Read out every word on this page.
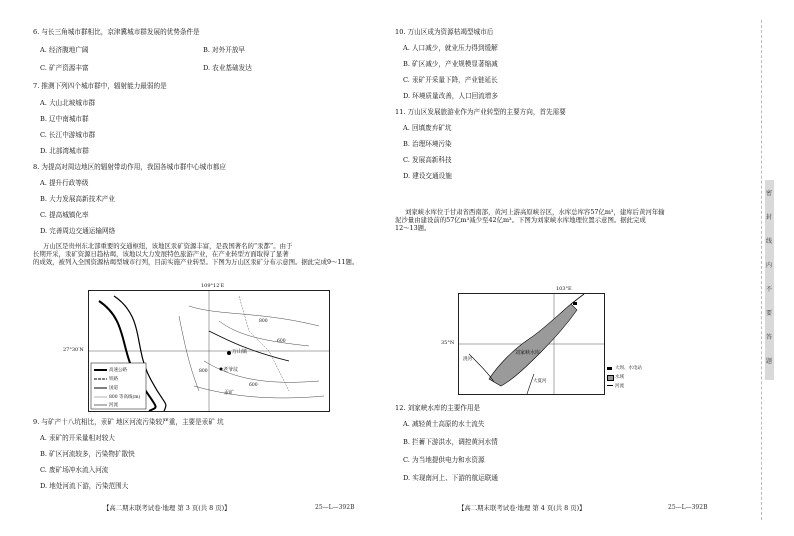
6. 与长三角城市群相比，京津冀城市群发展的优势条件是
A. 经济腹地广阔	B. 对外开放早
C. 矿产资源丰富	D. 农业基础发达
7. 推测下列四个城市群中，辐射能力最弱的是
A. 大山北坡城市群
B. 辽中南城市群
C. 长江中游城市群
D. 北部湾城市群
8. 为提高对周边地区的辐射带动作用，我国各城市群中心城市都应
A. 提升行政等级
B. 大力发展高新技术产业
C. 提高城镇化率
D. 完善周边交通运输网络
万山区是贵州东北部重要的交通枢纽，该地区汞矿资源丰富，是我国著名的“汞都”。由于
长期开采，汞矿资源日趋枯竭，该地以大力发展特色旅游产业，在产业转型方面取得了显著
的成效，被列入全国资源枯竭型城市行列，目前实施产业转型。下图为万山区汞矿分布示意图。据此完成9～11题。
109°12′E
27°30′N	万山镇
老爷坟
汞矿
800
600
800
600
高速公路
铁路
国道
800 等高线(m)
河流
9. 与矿产十八坑相比，汞矿 地区河流污染较严重，主要是汞矿 坑
A. 汞矿的开采量相对较大
B. 矿区河流较多，污染物扩散快
C. 废矿场冲水流入河流
D. 地处河流下游，污染范围大
【高二期末联考试卷·地理 第 3 页(共 8 页)】	25—L—392B
10. 万山区成为资源枯竭型城市后
A. 人口减少，就业压力得到缓解
B. 矿区减少，产业规模显著缩减
C. 汞矿开采量下降，产业链延长
D. 环境质量改善，人口回流增多
11. 万山区发展旅游业作为产业转型的主要方向，首先需要
A. 回填废弃矿坑
B. 治理环境污染
C. 发展高新科技
D. 建设交通设施
刘家峡水库位于甘肃省西南部，黄河上游高原峡谷区，水库总库容57亿m³，建库后黄河年输
泥沙量由建设前的57亿m³减少至42亿m³。下图为刘家峡水库地理位置示意图。据此完成
12～13题。
103°E
35°N
刘家峡水库
大夏河
洮河
大坝、水电站
水域
河流
12. 刘家峡水库的主要作用是
A. 减轻黄土高原的水土流失
B. 拦蓄下游洪水，调控黄河水情
C. 为当地提供电力和水资源
D. 实现南河上、下游的航运联通
【高二期末联考试卷·地理 第 4 页(共 8 页)】	25—L—392B
密
封
线
内
不
要
答
题
